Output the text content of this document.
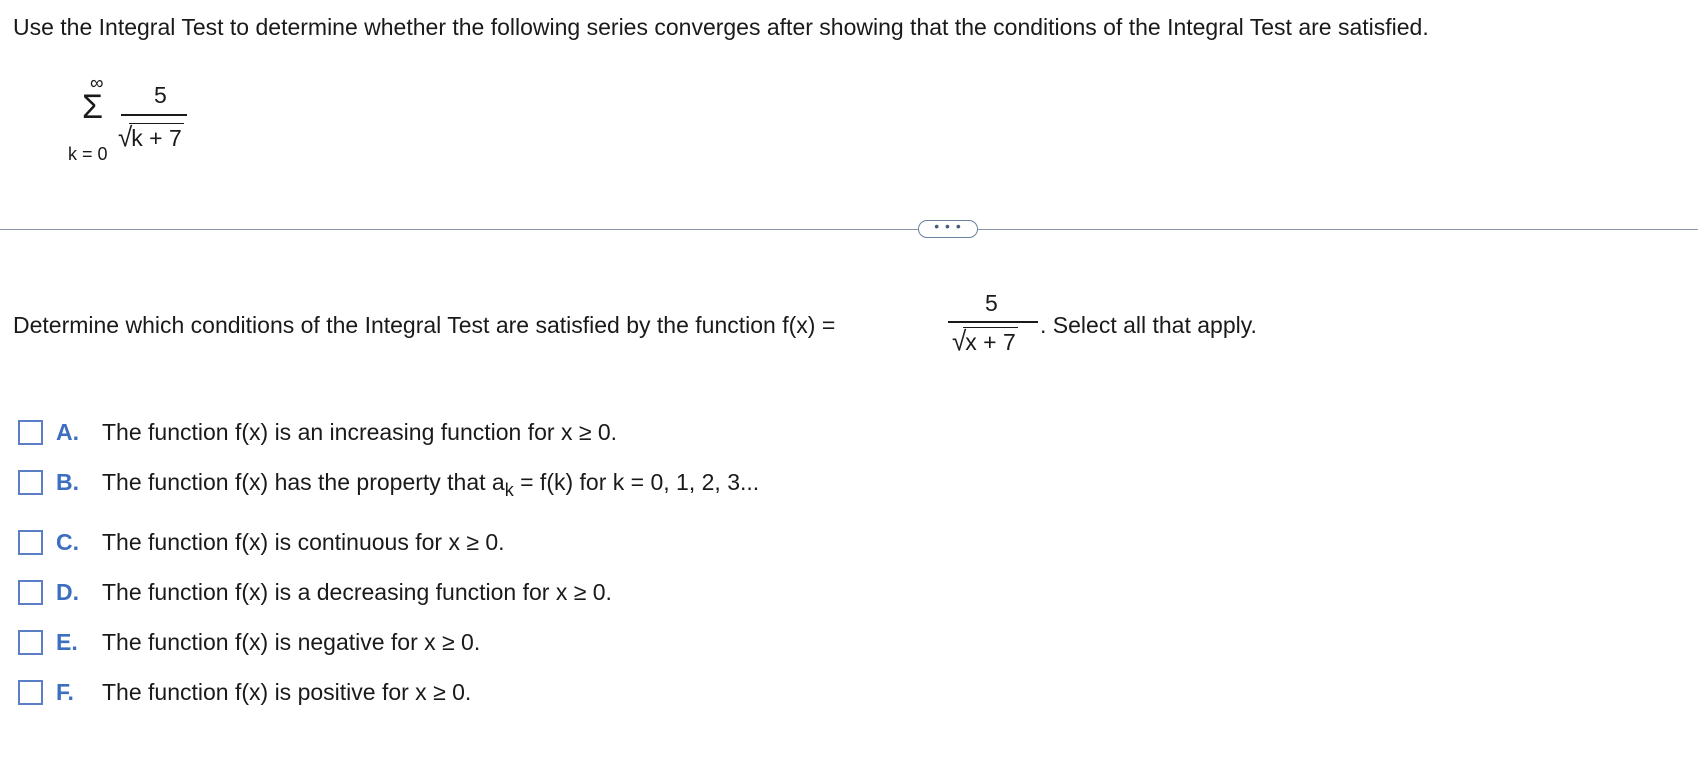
Use the Integral Test to determine whether the following series converges after showing that the conditions of the Integral Test are satisfied.
∞
Σ
k = 0
5
√k + 7
• • •
Determine which conditions of the Integral Test are satisfied by the function f(x) =
5
√x + 7
. Select all that apply.
A. The function f(x) is an increasing function for x ≥ 0.
B. The function f(x) has the property that $a_k = f(k)$ for k = 0, 1, 2, 3...
C. The function f(x) is continuous for x ≥ 0.
D. The function f(x) is a decreasing function for x ≥ 0.
E. The function f(x) is negative for x ≥ 0.
F. The function f(x) is positive for x ≥ 0.
